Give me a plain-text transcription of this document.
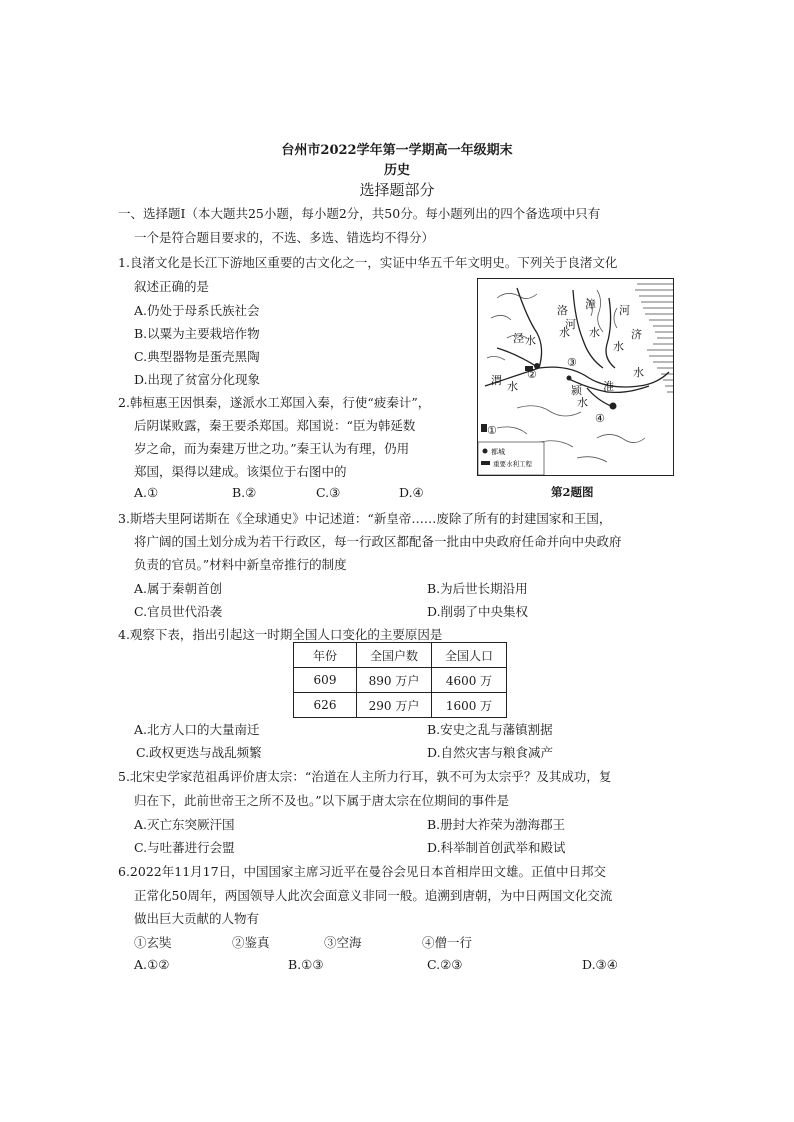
台州市2022学年第一学期高一年级期末
历史
选择题部分
一、选择题Ⅰ（本大题共25小题，每小题2分，共50分。每小题列出的四个备选项中只有
一个是符合题目要求的，不选、多选、错选均不得分）
1.良渚文化是长江下游地区重要的古文化之一，实证中华五千年文明史。下列关于良渚文化
叙述正确的是
A.仍处于母系氏族社会
B.以粟为主要栽培作物
C.典型器物是蛋壳黑陶
D.出现了贫富分化现象
2.韩桓惠王因惧秦，遂派水工郑国入秦，行使“疲秦计”，
后阴谋败露，秦王要杀郑国。郑国说：“臣为韩延数
岁之命，而为秦建万世之功。”秦王认为有理，仍用
郑国，渠得以建成。该渠位于右图中的
A.①	B.②	C.③	D.④	第2题图
都城
重要水利工程
洛
河
水
漳
水
河
济
水
泾 水
渭 水	颍
水
淮
水
①
②
③
④
3.斯塔夫里阿诺斯在《全球通史》中记述道：“新皇帝……废除了所有的封建国家和王国，
将广阔的国土划分成为若干行政区，每一行政区都配备一批由中央政府任命并向中央政府
负责的官员。”材料中新皇帝推行的制度
A.属于秦朝首创	B.为后世长期沿用
C.官员世代沿袭	D.削弱了中央集权
4.观察下表，指出引起这一时期全国人口变化的主要原因是
年份	全国户数	全国人口
609	890 万户	4600 万
626	290 万户	1600 万
A.北方人口的大量南迁	B.安史之乱与藩镇割据
C.政权更迭与战乱频繁	D.自然灾害与粮食减产
5.北宋史学家范祖禹评价唐太宗：“治道在人主所力行耳，孰不可为太宗乎？及其成功，复
归在下，此前世帝王之所不及也。”以下属于唐太宗在位期间的事件是
A.灭亡东突厥汗国	B.册封大祚荣为渤海郡王
C.与吐蕃进行会盟	D.科举制首创武举和殿试
6.2022年11月17日，中国国家主席习近平在曼谷会见日本首相岸田文雄。正值中日邦交
正常化50周年，两国领导人此次会面意义非同一般。追溯到唐朝，为中日两国文化交流
做出巨大贡献的人物有
①玄奘	②鉴真	③空海	④僧一行
A.①②	B.①③	C.②③	D.③④
